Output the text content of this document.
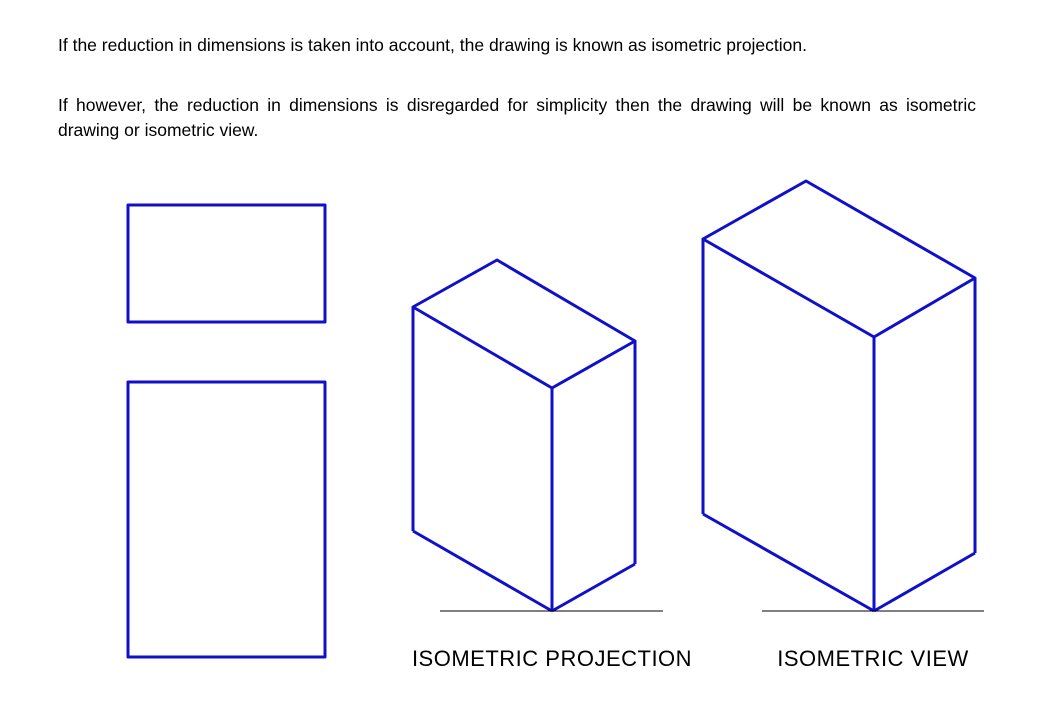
If the reduction in dimensions is taken into account, the drawing is known as isometric projection.

If however, the reduction in dimensions is disregarded for simplicity then the drawing will be known as isometric drawing or isometric view.

ISOMETRIC PROJECTION	ISOMETRIC VIEW
